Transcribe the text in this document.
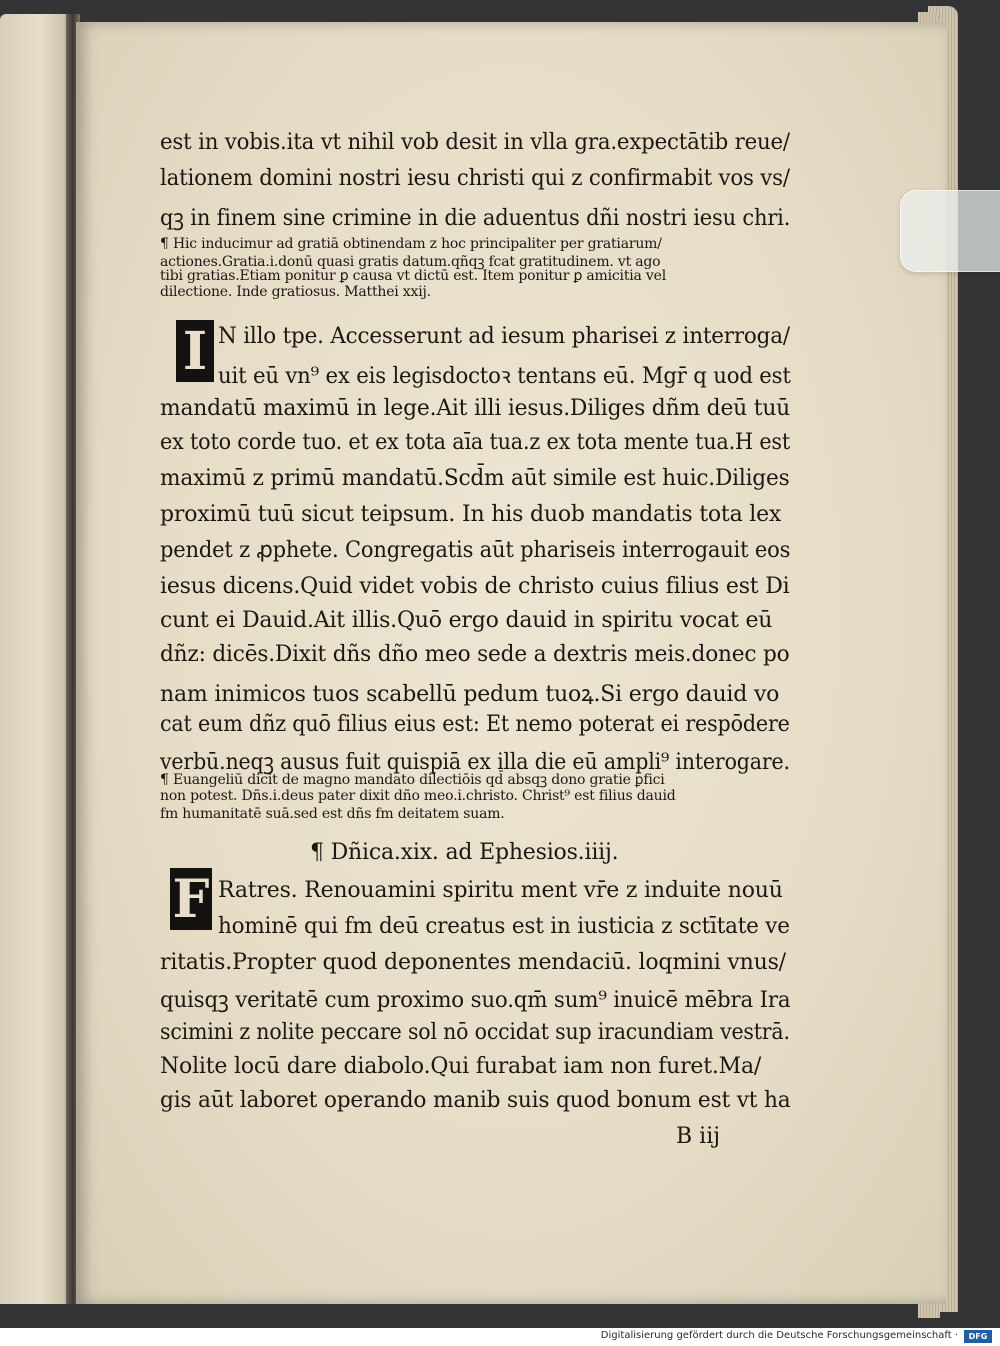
est in vobis.ita vt nihil vob desit in vlla gra.expectātib reue/
lationem domini nostri iesu christi qui z confirmabit vos vs/
qꝫ in finem sine crimine in die aduentus dñi nostri iesu chri.
¶ Hic inducimur ad gratiā obtinendam z hoc principaliter per gratiarum/
actiones.Gratia.i.donū quasi gratis datum.qñqꝫ fcat gratitudinem. vt ago
tibi gratias.Etiam ponitur ꝑ causa vt dictū est. Item ponitur ꝑ amicitia vel
dilectione. Inde gratiosus. Matthei xxij.
N illo tpe. Accesserunt ad iesum pharisei z interroga/
uit eū vn⁹ ex eis legisdoctoꝛ tentans eū. Mgr̄ q uod est
mandatū maximū in lege.Ait illi iesus.Diliges dñm deū tuū
ex toto corde tuo. et ex tota aīa tua.z ex tota mente tua.H est
maximū z primū mandatū.Scd̄m aūt simile est huic.Diliges
proximū tuū sicut teipsum. In his duob mandatis tota lex
pendet z ꝓphete. Congregatis aūt phariseis interrogauit eos
iesus dicens.Quid videt vobis de christo cuius filius est Di
cunt ei Dauid.Ait illis.Quō ergo dauid in spiritu vocat eū
dñz: dicēs.Dixit dñs dño meo sede a dextris meis.donec po
nam inimicos tuos scabellū pedum tuoꝝ.Si ergo dauid vo
cat eum dñz quō filius eius est: Et nemo poterat ei respōdere
verbū.neqꝫ ausus fuit quispiā ex illa die eū ampli⁹ interogare.
¶ Euangeliū dicit de magno mandato dilectiōis qd̄ absqꝫ dono gratie ꝑfici
non potest. Dñs.i.deus pater dixit dño meo.i.christo. Christ⁹ est filius dauid
fm humanitatē suā.sed est dñs fm deitatem suam.
¶ Dñica.xix. ad Ephesios.iiij.
Ratres. Renouamini spiritu ment vr̄e z induite nouū
hominē qui fm deū creatus est in iusticia z sctītate ve
ritatis.Propter quod deponentes mendaciū. loqmini vnus/
quisqꝫ veritatē cum proximo suo.qm̄ sum⁹ inuicē mēbra Ira
scimini z nolite peccare sol nō occidat sup iracundiam vestrā.
Nolite locū dare diabolo.Qui furabat iam non furet.Ma/
gis aūt laboret operando manib suis quod bonum est vt ha
I
F
B iij
Digitalisierung gefördert durch die Deutsche Forschungsgemeinschaft ·	DFG
